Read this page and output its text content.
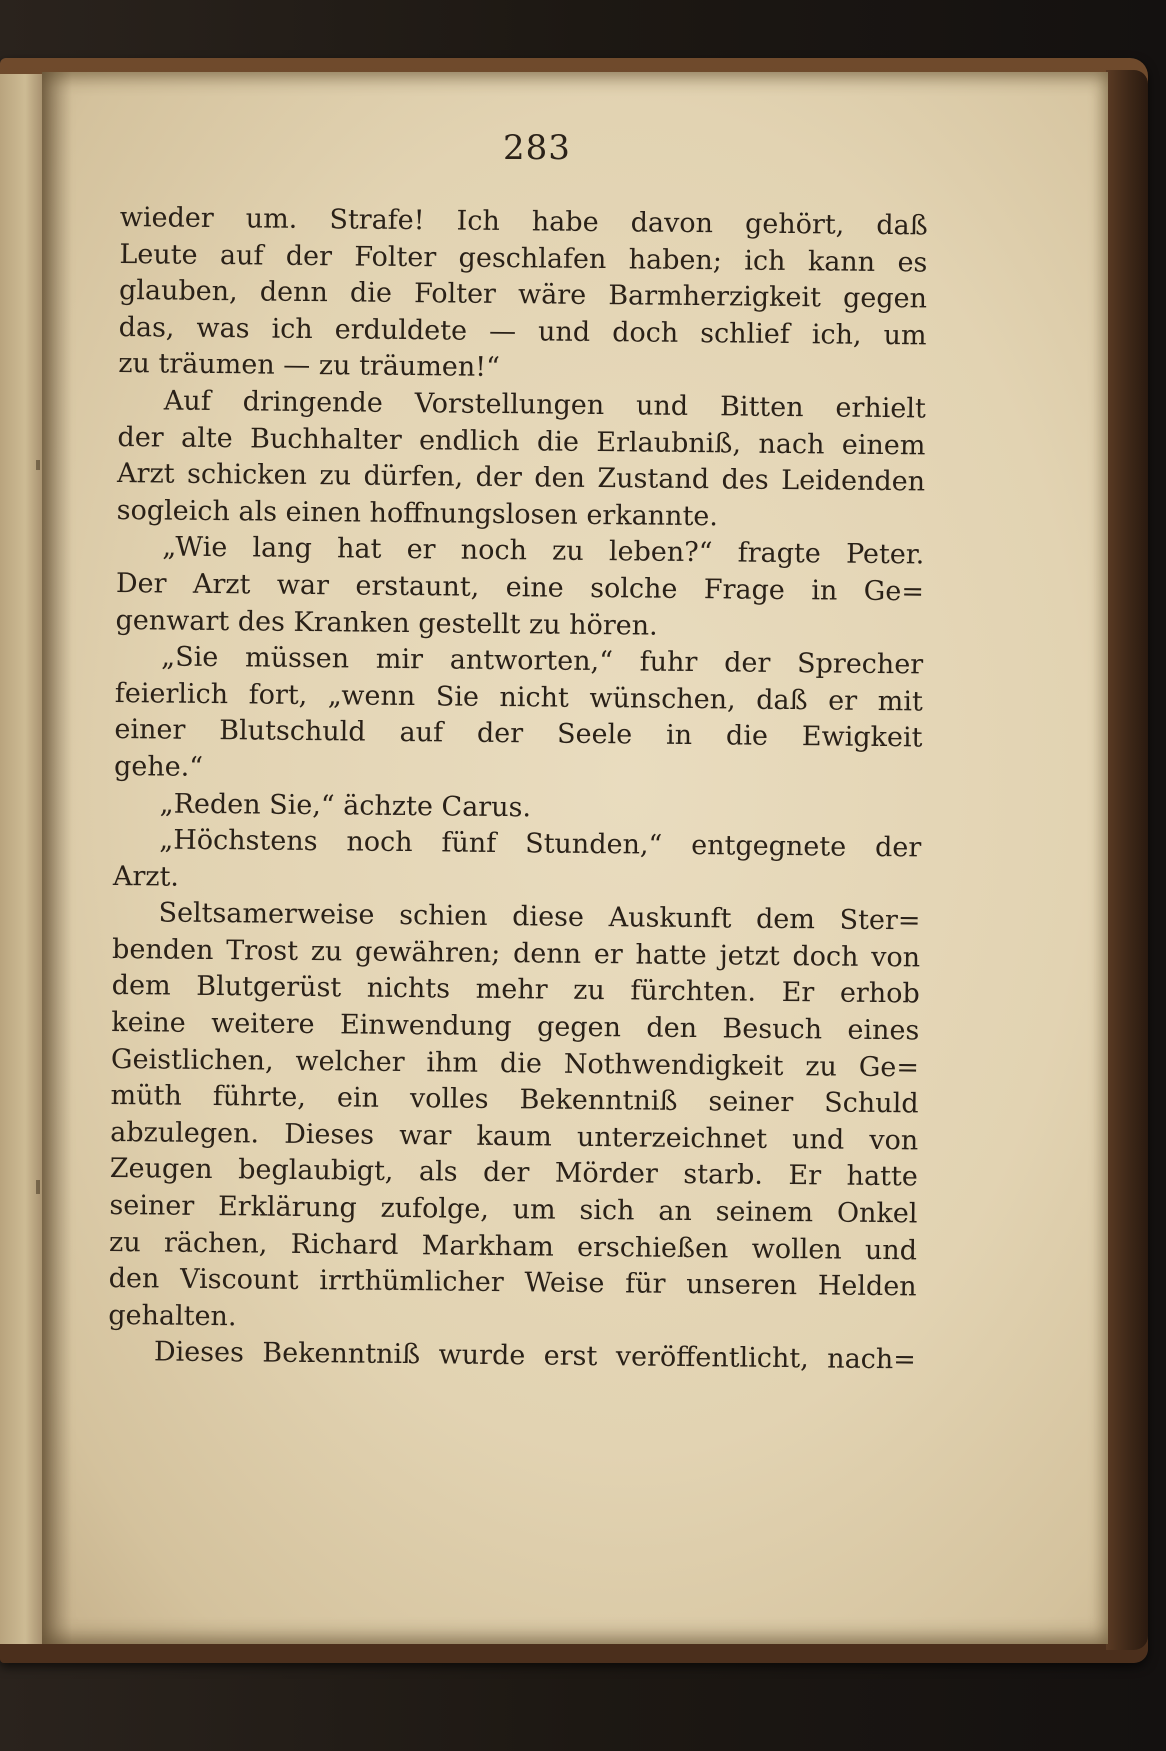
283
wieder um. Strafe! Ich habe davon gehört, daß
Leute auf der Folter geschlafen haben; ich kann es
glauben, denn die Folter wäre Barmherzigkeit gegen
das, was ich erduldete — und doch schlief ich, um
zu träumen — zu träumen!“
Auf dringende Vorstellungen und Bitten erhielt
der alte Buchhalter endlich die Erlaubniß, nach einem
Arzt schicken zu dürfen, der den Zustand des Leidenden
sogleich als einen hoffnungslosen erkannte.
„Wie lang hat er noch zu leben?“ fragte Peter.
Der Arzt war erstaunt, eine solche Frage in Ge=
genwart des Kranken gestellt zu hören.
„Sie müssen mir antworten,“ fuhr der Sprecher
feierlich fort, „wenn Sie nicht wünschen, daß er mit
einer Blutschuld auf der Seele in die Ewigkeit
gehe.“
„Reden Sie,“ ächzte Carus.
„Höchstens noch fünf Stunden,“ entgegnete der
Arzt.
Seltsamerweise schien diese Auskunft dem Ster=
benden Trost zu gewähren; denn er hatte jetzt doch von
dem Blutgerüst nichts mehr zu fürchten. Er erhob
keine weitere Einwendung gegen den Besuch eines
Geistlichen, welcher ihm die Nothwendigkeit zu Ge=
müth führte, ein volles Bekenntniß seiner Schuld
abzulegen. Dieses war kaum unterzeichnet und von
Zeugen beglaubigt, als der Mörder starb. Er hatte
seiner Erklärung zufolge, um sich an seinem Onkel
zu rächen, Richard Markham erschießen wollen und
den Viscount irrthümlicher Weise für unseren Helden
gehalten.
Dieses Bekenntniß wurde erst veröffentlicht, nach=
